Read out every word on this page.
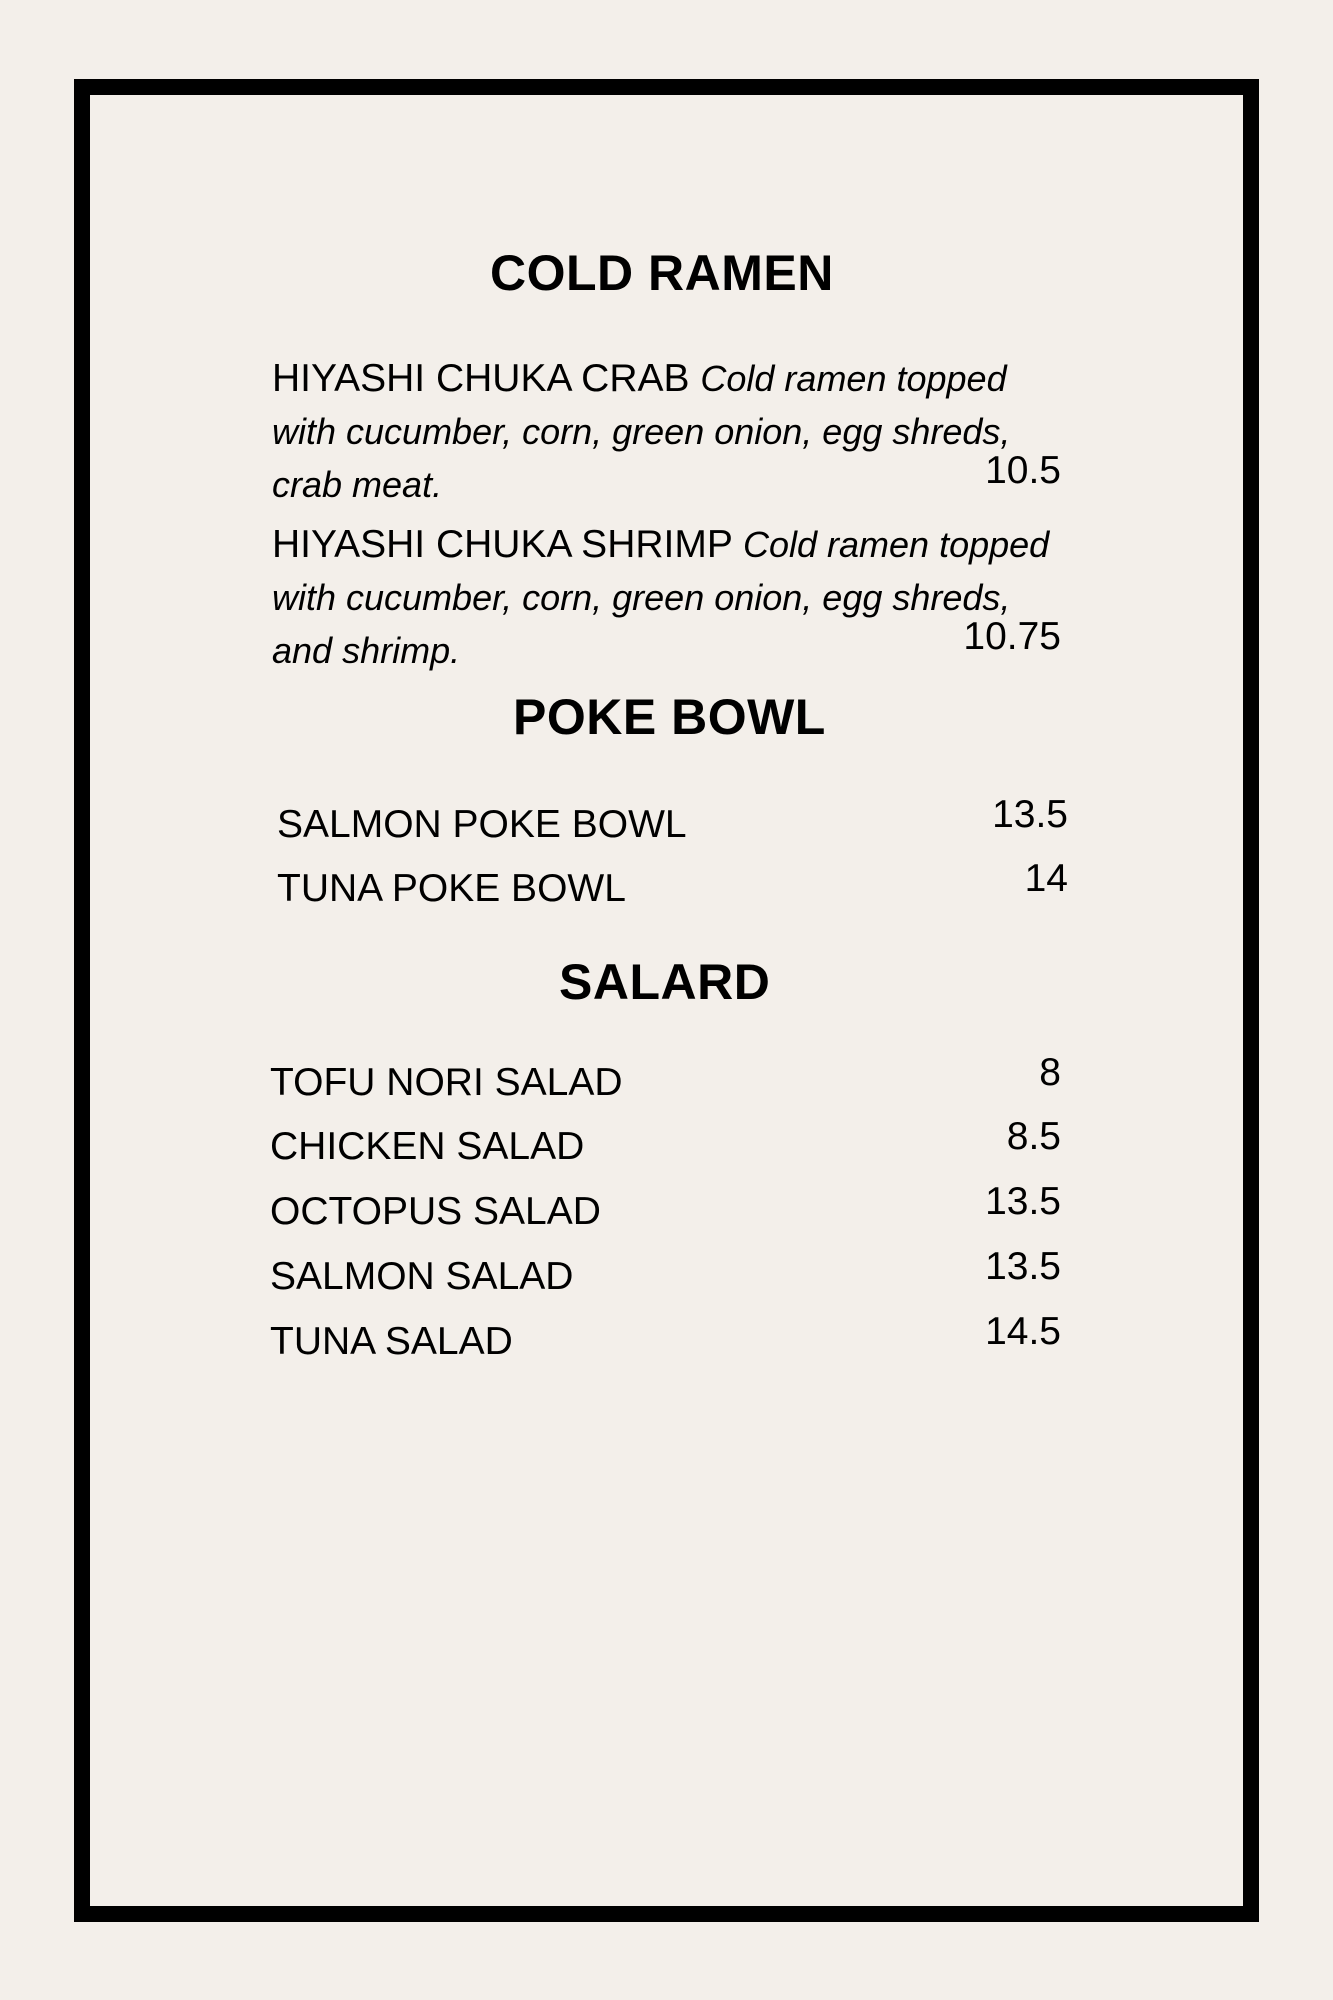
COLD RAMEN
HIYASHI CHUKA CRAB Cold ramen topped with cucumber, corn, green onion, egg shreds, crab meat.	10.5
HIYASHI CHUKA SHRIMP Cold ramen topped with cucumber, corn, green onion, egg shreds, and shrimp.	10.75
POKE BOWL
SALMON POKE BOWL	13.5
TUNA POKE BOWL	14
SALARD
TOFU NORI SALAD	8
CHICKEN SALAD	8.5
OCTOPUS SALAD	13.5
SALMON SALAD	13.5
TUNA SALAD	14.5
